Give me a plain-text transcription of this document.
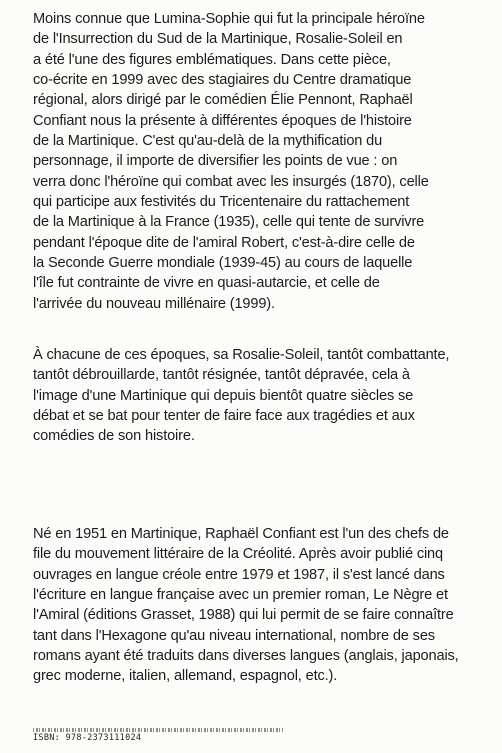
Moins connue que Lumina-Sophie qui fut la principale héroïne
de l'Insurrection du Sud de la Martinique, Rosalie-Soleil en
a été l'une des figures emblématiques. Dans cette pièce,
co-écrite en 1999 avec des stagiaires du Centre dramatique
régional, alors dirigé par le comédien Élie Pennont, Raphaël
Confiant nous la présente à différentes époques de l'histoire
de la Martinique. C'est qu'au-delà de la mythification du
personnage, il importe de diversifier les points de vue : on
verra donc l'héroïne qui combat avec les insurgés (1870), celle
qui participe aux festivités du Tricentenaire du rattachement
de la Martinique à la France (1935), celle qui tente de survivre
pendant l'époque dite de l'amiral Robert, c'est-à-dire celle de
la Seconde Guerre mondiale (1939-45) au cours de laquelle
l'île fut contrainte de vivre en quasi-autarcie, et celle de
l'arrivée du nouveau millénaire (1999).

À chacune de ces époques, sa Rosalie-Soleil, tantôt combattante,
tantôt débrouillarde, tantôt résignée, tantôt dépravée, cela à
l'image d'une Martinique qui depuis bientôt quatre siècles se
débat et se bat pour tenter de faire face aux tragédies et aux
comédies de son histoire.

Né en 1951 en Martinique, Raphaël Confiant est l'un des chefs de
file du mouvement littéraire de la Créolité. Après avoir publié cinq
ouvrages en langue créole entre 1979 et 1987, il s'est lancé dans
l'écriture en langue française avec un premier roman, Le Nègre et
l'Amiral (éditions Grasset, 1988) qui lui permit de se faire connaître
tant dans l'Hexagone qu'au niveau international, nombre de ses
romans ayant été traduits dans diverses langues (anglais, japonais,
grec moderne, italien, allemand, espagnol, etc.).

ISBN: 978-2373111024
